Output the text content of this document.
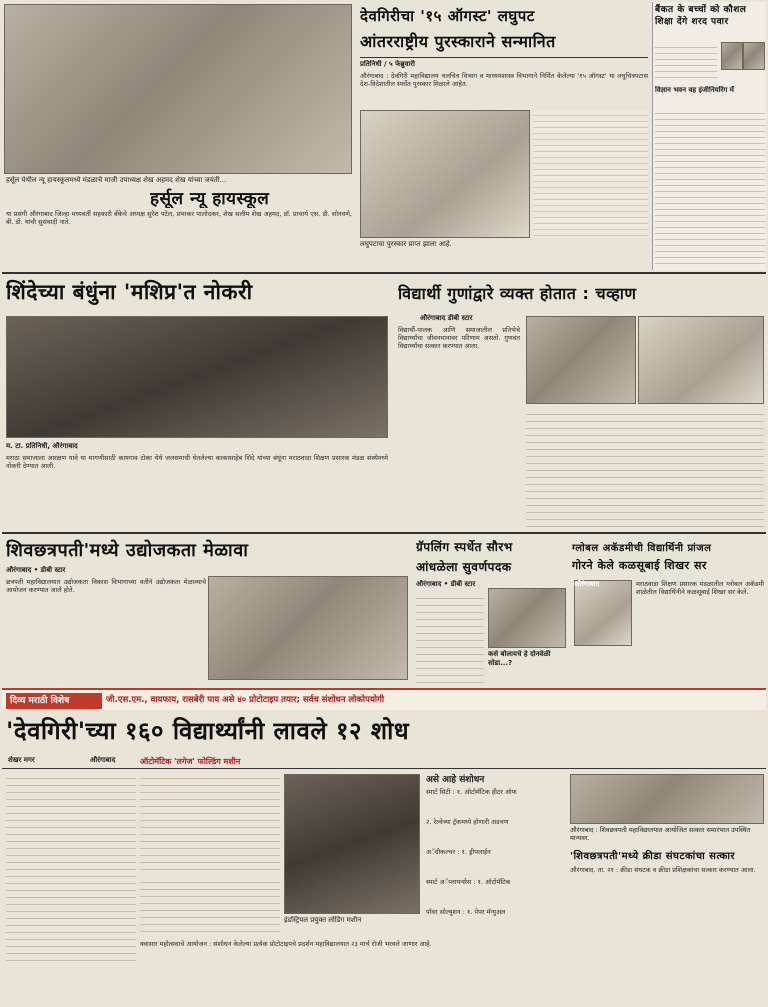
हर्सूल येथील न्यू हायस्कूलमध्ये मंडळाचे माजी उपाध्यक्ष शेख अहमद शेख यांच्या जयंती...
हर्सूल न्यू हायस्कूल
या प्रसंगी औरंगाबाद जिल्हा मध्यवर्ती सहकारी बँकेचे अध्यक्ष सुरेश पटेल, प्रभाकर पालोदकर, शेख सलीम शेख अहमद, डॉ. प्राचार्य एस. डी. सोनवणे, बी. डी. यांची सुसंवादी नाते.
देवगिरीचा '१५ ऑगस्ट' लघुपट
आंतरराष्ट्रीय पुरस्काराने सन्मानित
प्रतिनिधी / ५ फेब्रुवारी
औरंगाबाद : देवगिरी महाविद्यालय चलचित्र विभाग व माध्यमशास्त्र विभागाने निर्मित केलेल्या '१५ ऑगस्ट' या लघुचित्रपटास देश-विदेशातील स्पर्धेत पुरस्कार मिळाले आहेत.
लघुपटाचा पुरस्कार प्राप्त झाला आहे.
बैंकत के बच्चों को कौशल शिक्षा देंगे शरद पवार
विज्ञान भवन वह इंजीनियरिंग में
शिंदेच्या बंधुंना 'मशिप्र'त नोकरी	विद्यार्थी गुणांद्वारे व्यक्त होतात : चव्हाण
म. टा. प्रतिनिधी, औरंगाबाद
मराठा समाजाला आरक्षण यावे या मागणीसाठी कायगाव टोका येथे जलसमाधी घेतलेल्या काकासाहेब शिंदे यांच्या बंधूंना मराठवाडा शिक्षण प्रसारक मंडळ संस्थेमध्ये नोकरी देण्यात आली.
औरंगाबाद डीबी स्टार
विद्यार्थी-पालक आणि समाजातील प्रतिभेचे विद्यार्थ्यांचा जीवनमानावर परिणाम असतो. गुणवंत विद्यार्थ्यांचा सत्कार करण्यात आला.
शिवछत्रपती'मध्ये उद्योजकता मेळावा
औरंगाबाद • डीबी स्टार
छत्रपती महाविद्यालयात उद्योजकता विकास विभागाच्या वतीने उद्योजकता मेळाव्याचे आयोजन करण्यात आले होते.
ग्रॅपलिंग स्पर्धेत सौरभ
आंधळेला सुवर्णपदक
औरंगाबाद • डीबी स्टार
कसे बोलायचे हे दोनवेळी सोडा...?
ग्लोबल अकॅडमीची विद्यार्थिनी प्रांजल
गोरने केले कळसूबाई शिखर सर
औरंगाबाद	मराठवाडा शिक्षण प्रसारक मंडळातील ग्लोबल अकॅडमी शाळेतील विद्यार्थिनीने कळसूबाई शिखर सर केले.
दिव्य मराठी विशेष	जी.एस.एम., वायफाय, रासबेरी पाय असे ४० प्रोटोटाइप तयार; सर्वच संशोधन लोकोपयोगी
'देवगिरी'च्या १६० विद्यार्थ्यांनी लावले १२ शोध
शेखर मगर	औरंगाबाद	ऑटोमॅटिक 'लगेज' फोल्डिंग मशीन
इंडस्ट्रियल प्रयुक्त लोडिंग मशीन
असे आहे संशोधन
स्मार्ट सिटी : १. ऑटोमॅटिक हीटर ऑफ
२. रेल्वेच्या ट्रॅकमध्ये होणारी अडचण
अॅग्रीकल्चर : १. ड्रीपलाईन
स्मार्ट अॅप्लायन्सेस : १. ऑटोमॅटिक
पॉवर सोल्युशन : १. पेपर मॅन्युअल
क्वासार महोत्सवाचे आयोजन : संशोधन केलेल्या प्रत्येक प्रोटोटाइपचे प्रदर्शन महाविद्यालयात २३ मार्च रोजी भरवले जाणार आहे.
औरंगाबाद : शिवछत्रपती महाविद्यालयात आयोजित सत्कार समारंभात उपस्थित मान्यवर.
'शिवछत्रपती'मध्ये क्रीडा संघटकांचा सत्कार
औरंगाबाद. ता. २१ : क्रीडा संघटक व क्रीडा प्रशिक्षकांचा सत्कार करण्यात आला.
